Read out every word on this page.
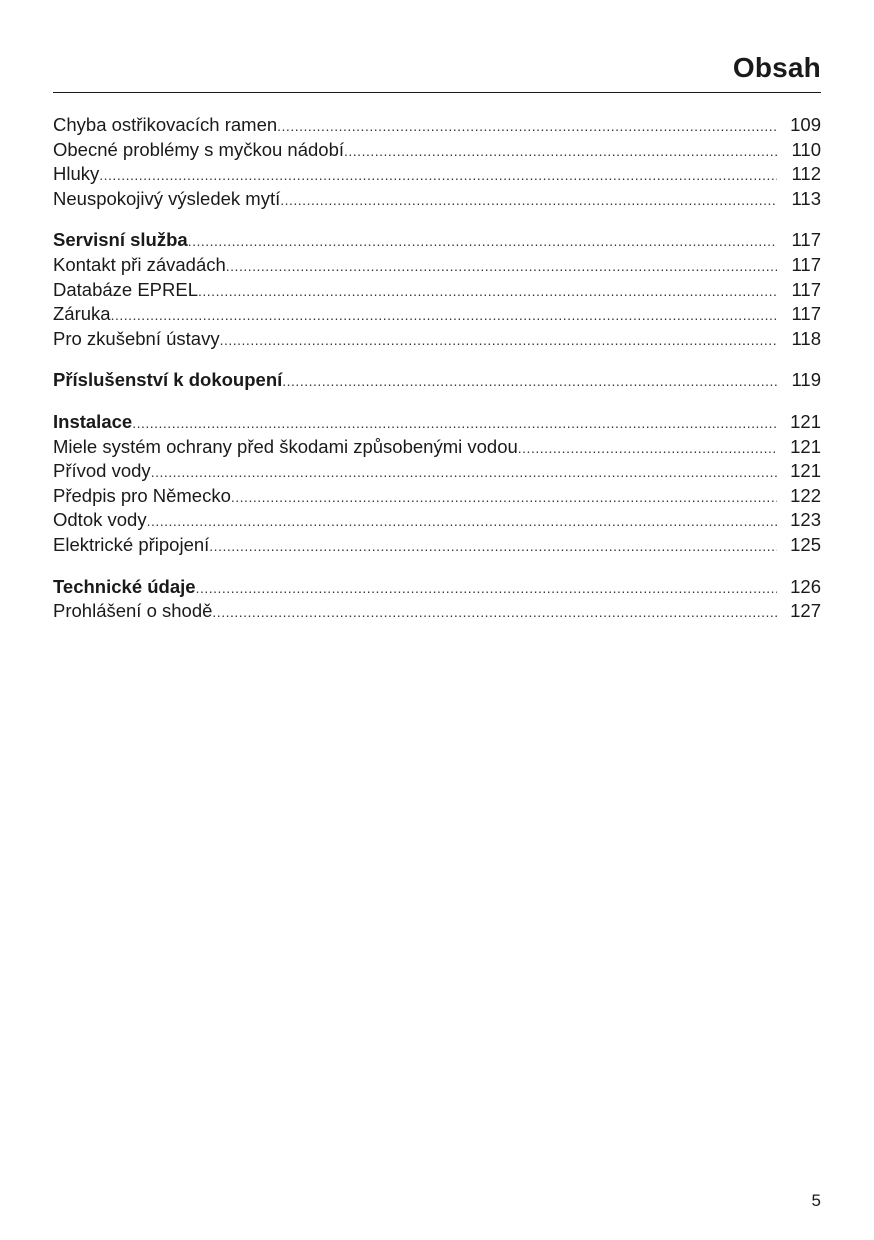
Obsah
Chyba ostřikovacích ramen .....	109
Obecné problémy s myčkou nádobí .....	110
Hluky .....	112
Neuspokojivý výsledek mytí .....	113
Servisní služba .....	117
Kontakt při závadách .....	117
Databáze EPREL .....	117
Záruka .....	117
Pro zkušební ústavy .....	118
Příslušenství k dokoupení .....	119
Instalace .....	121
Miele systém ochrany před škodami způsobenými vodou .....	121
Přívod vody .....	121
Předpis pro Německo .....	122
Odtok vody .....	123
Elektrické připojení .....	125
Technické údaje .....	126
Prohlášení o shodě .....	127
5
